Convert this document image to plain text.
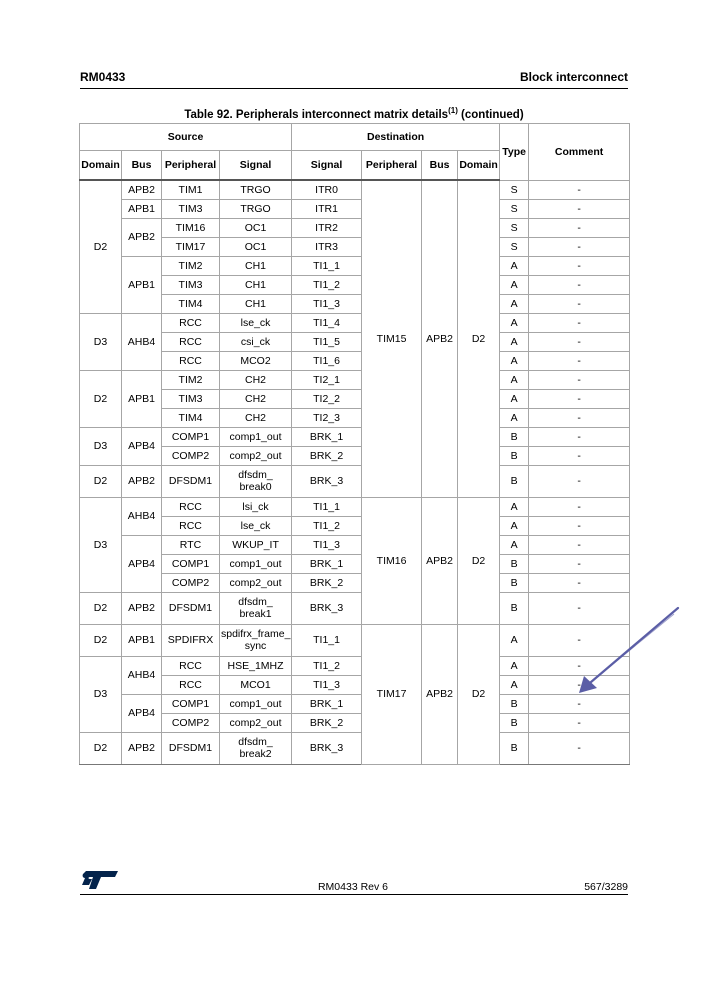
RM0433	Block interconnect
Table 92. Peripherals interconnect matrix details$^{(1)}$ (continued)
Source				Destination				Type	Comment
Domain	Bus	Peripheral	Signal	Signal	Peripheral	Bus	Domain		
D2	APB2	TIM1	TRGO	ITR0	TIM15	APB2	D2	S	-
	APB1	TIM3	TRGO	ITR1				S	-
	APB2	TIM16	OC1	ITR2				S	-
		TIM17	OC1	ITR3				S	-
	APB1	TIM2	CH1	TI1_1				A	-
		TIM3	CH1	TI1_2				A	-
		TIM4	CH1	TI1_3				A	-
D3	AHB4	RCC	lse_ck	TI1_4				A	-
		RCC	csi_ck	TI1_5				A	-
		RCC	MCO2	TI1_6				A	-
D2	APB1	TIM2	CH2	TI2_1				A	-
		TIM3	CH2	TI2_2				A	-
		TIM4	CH2	TI2_3				A	-
D3	APB4	COMP1	comp1_out	BRK_1				B	-
		COMP2	comp2_out	BRK_2				B	-
D2	APB2	DFSDM1	dfsdm_ break0	BRK_3				B	-
D3	AHB4	RCC	lsi_ck	TI1_1	TIM16	APB2	D2	A	-
		RCC	lse_ck	TI1_2				A	-
	APB4	RTC	WKUP_IT	TI1_3				A	-
		COMP1	comp1_out	BRK_1				B	-
		COMP2	comp2_out	BRK_2				B	-
D2	APB2	DFSDM1	dfsdm_ break1	BRK_3				B	-
D2	APB1	SPDIFRX	spdifrx_frame_ sync	TI1_1	TIM17	APB2	D2	A	-
D3	AHB4	RCC	HSE_1MHZ	TI1_2				A	-
		RCC	MCO1	TI1_3				A	-
	APB4	COMP1	comp1_out	BRK_1				B	-
		COMP2	comp2_out	BRK_2				B	-
D2	APB2	DFSDM1	dfsdm_ break2	BRK_3				B	-
RM0433 Rev 6	567/3289
